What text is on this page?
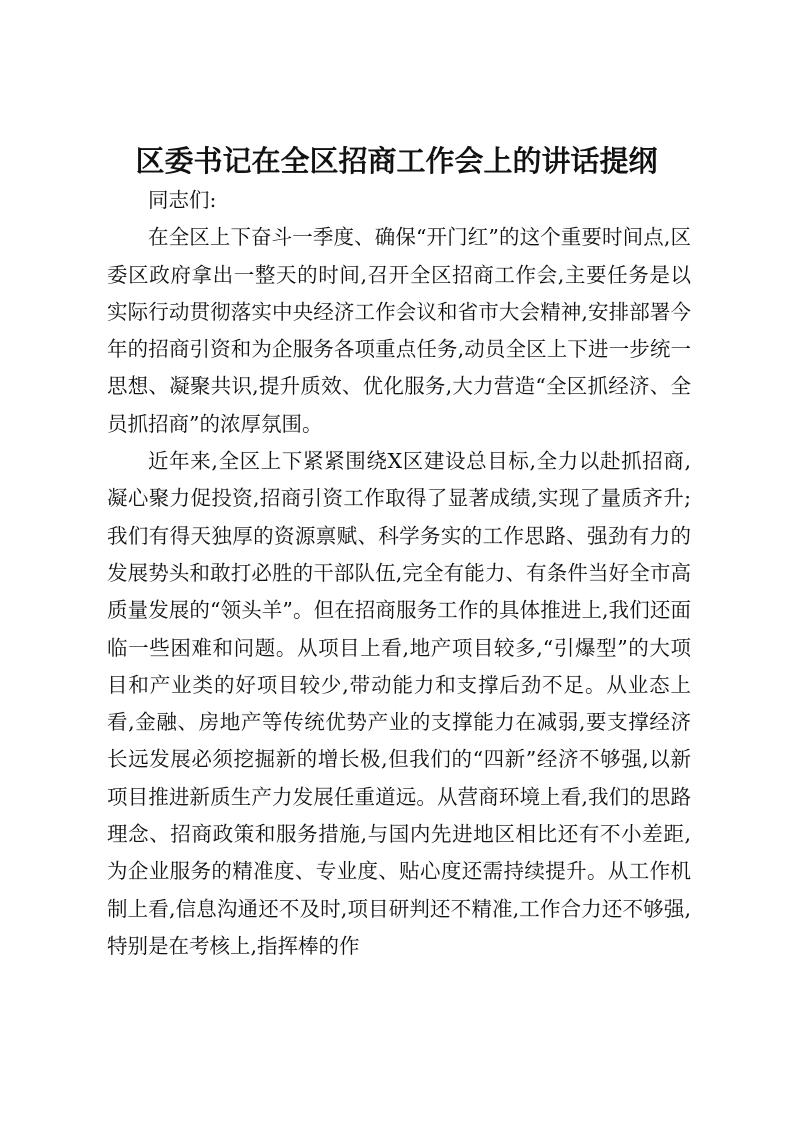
区委书记在全区招商工作会上的讲话提纲

同志们:

在全区上下奋斗一季度、确保“开门红”的这个重要时间点,区委区政府拿出一整天的时间,召开全区招商工作会,主要任务是以实际行动贯彻落实中央经济工作会议和省市大会精神,安排部署今年的招商引资和为企服务各项重点任务,动员全区上下进一步统一思想、凝聚共识,提升质效、优化服务,大力营造“全区抓经济、全员抓招商”的浓厚氛围。

近年来,全区上下紧紧围绕X区建设总目标,全力以赴抓招商,凝心聚力促投资,招商引资工作取得了显著成绩,实现了量质齐升;我们有得天独厚的资源禀赋、科学务实的工作思路、强劲有力的发展势头和敢打必胜的干部队伍,完全有能力、有条件当好全市高质量发展的“领头羊”。但在招商服务工作的具体推进上,我们还面临一些困难和问题。从项目上看,地产项目较多,“引爆型”的大项目和产业类的好项目较少,带动能力和支撑后劲不足。从业态上看,金融、房地产等传统优势产业的支撑能力在减弱,要支撑经济长远发展必须挖掘新的增长极,但我们的“四新”经济不够强,以新项目推进新质生产力发展任重道远。从营商环境上看,我们的思路理念、招商政策和服务措施,与国内先进地区相比还有不小差距,为企业服务的精准度、专业度、贴心度还需持续提升。从工作机制上看,信息沟通还不及时,项目研判还不精准,工作合力还不够强,特别是在考核上,指挥棒的作
